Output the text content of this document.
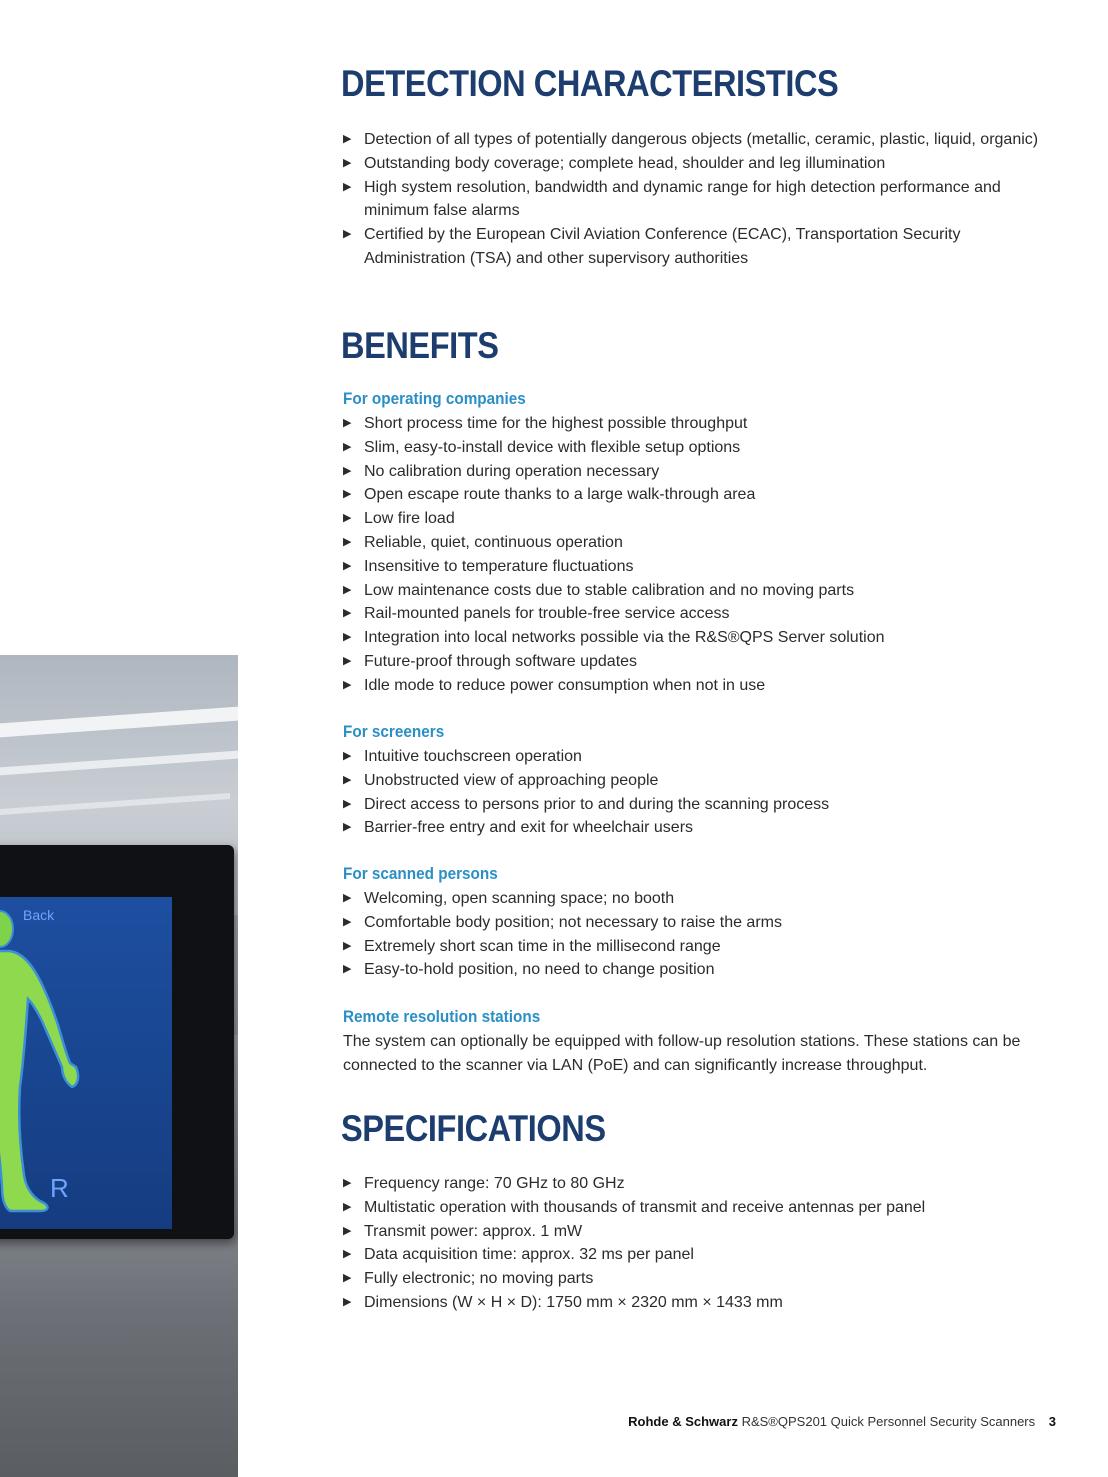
Back
R
DETECTION CHARACTERISTICS
▶ Detection of all types of potentially dangerous objects (metallic, ceramic, plastic, liquid, organic)
▶ Outstanding body coverage; complete head, shoulder and leg illumination
▶ High system resolution, bandwidth and dynamic range for high detection performance and minimum false alarms
▶ Certified by the European Civil Aviation Conference (ECAC), Transportation Security Administration (TSA) and other supervisory authorities
BENEFITS
For operating companies
▶ Short process time for the highest possible throughput
▶ Slim, easy-to-install device with flexible setup options
▶ No calibration during operation necessary
▶ Open escape route thanks to a large walk-through area
▶ Low fire load
▶ Reliable, quiet, continuous operation
▶ Insensitive to temperature fluctuations
▶ Low maintenance costs due to stable calibration and no moving parts
▶ Rail-mounted panels for trouble-free service access
▶ Integration into local networks possible via the R&S®QPS Server solution
▶ Future-proof through software updates
▶ Idle mode to reduce power consumption when not in use
For screeners
▶ Intuitive touchscreen operation
▶ Unobstructed view of approaching people
▶ Direct access to persons prior to and during the scanning process
▶ Barrier-free entry and exit for wheelchair users
For scanned persons
▶ Welcoming, open scanning space; no booth
▶ Comfortable body position; not necessary to raise the arms
▶ Extremely short scan time in the millisecond range
▶ Easy-to-hold position, no need to change position
Remote resolution stations

The system can optionally be equipped with follow-up resolution stations. These stations can be connected to the scanner via LAN (PoE) and can significantly increase throughput.

SPECIFICATIONS
▶ Frequency range: 70 GHz to 80 GHz
▶ Multistatic operation with thousands of transmit and receive antennas per panel
▶ Transmit power: approx. 1 mW
▶ Data acquisition time: approx. 32 ms per panel
▶ Fully electronic; no moving parts
▶ Dimensions (W × H × D): 1750 mm × 2320 mm × 1433 mm
Rohde & Schwarz R&S®QPS201 Quick Personnel Security Scanners 3
